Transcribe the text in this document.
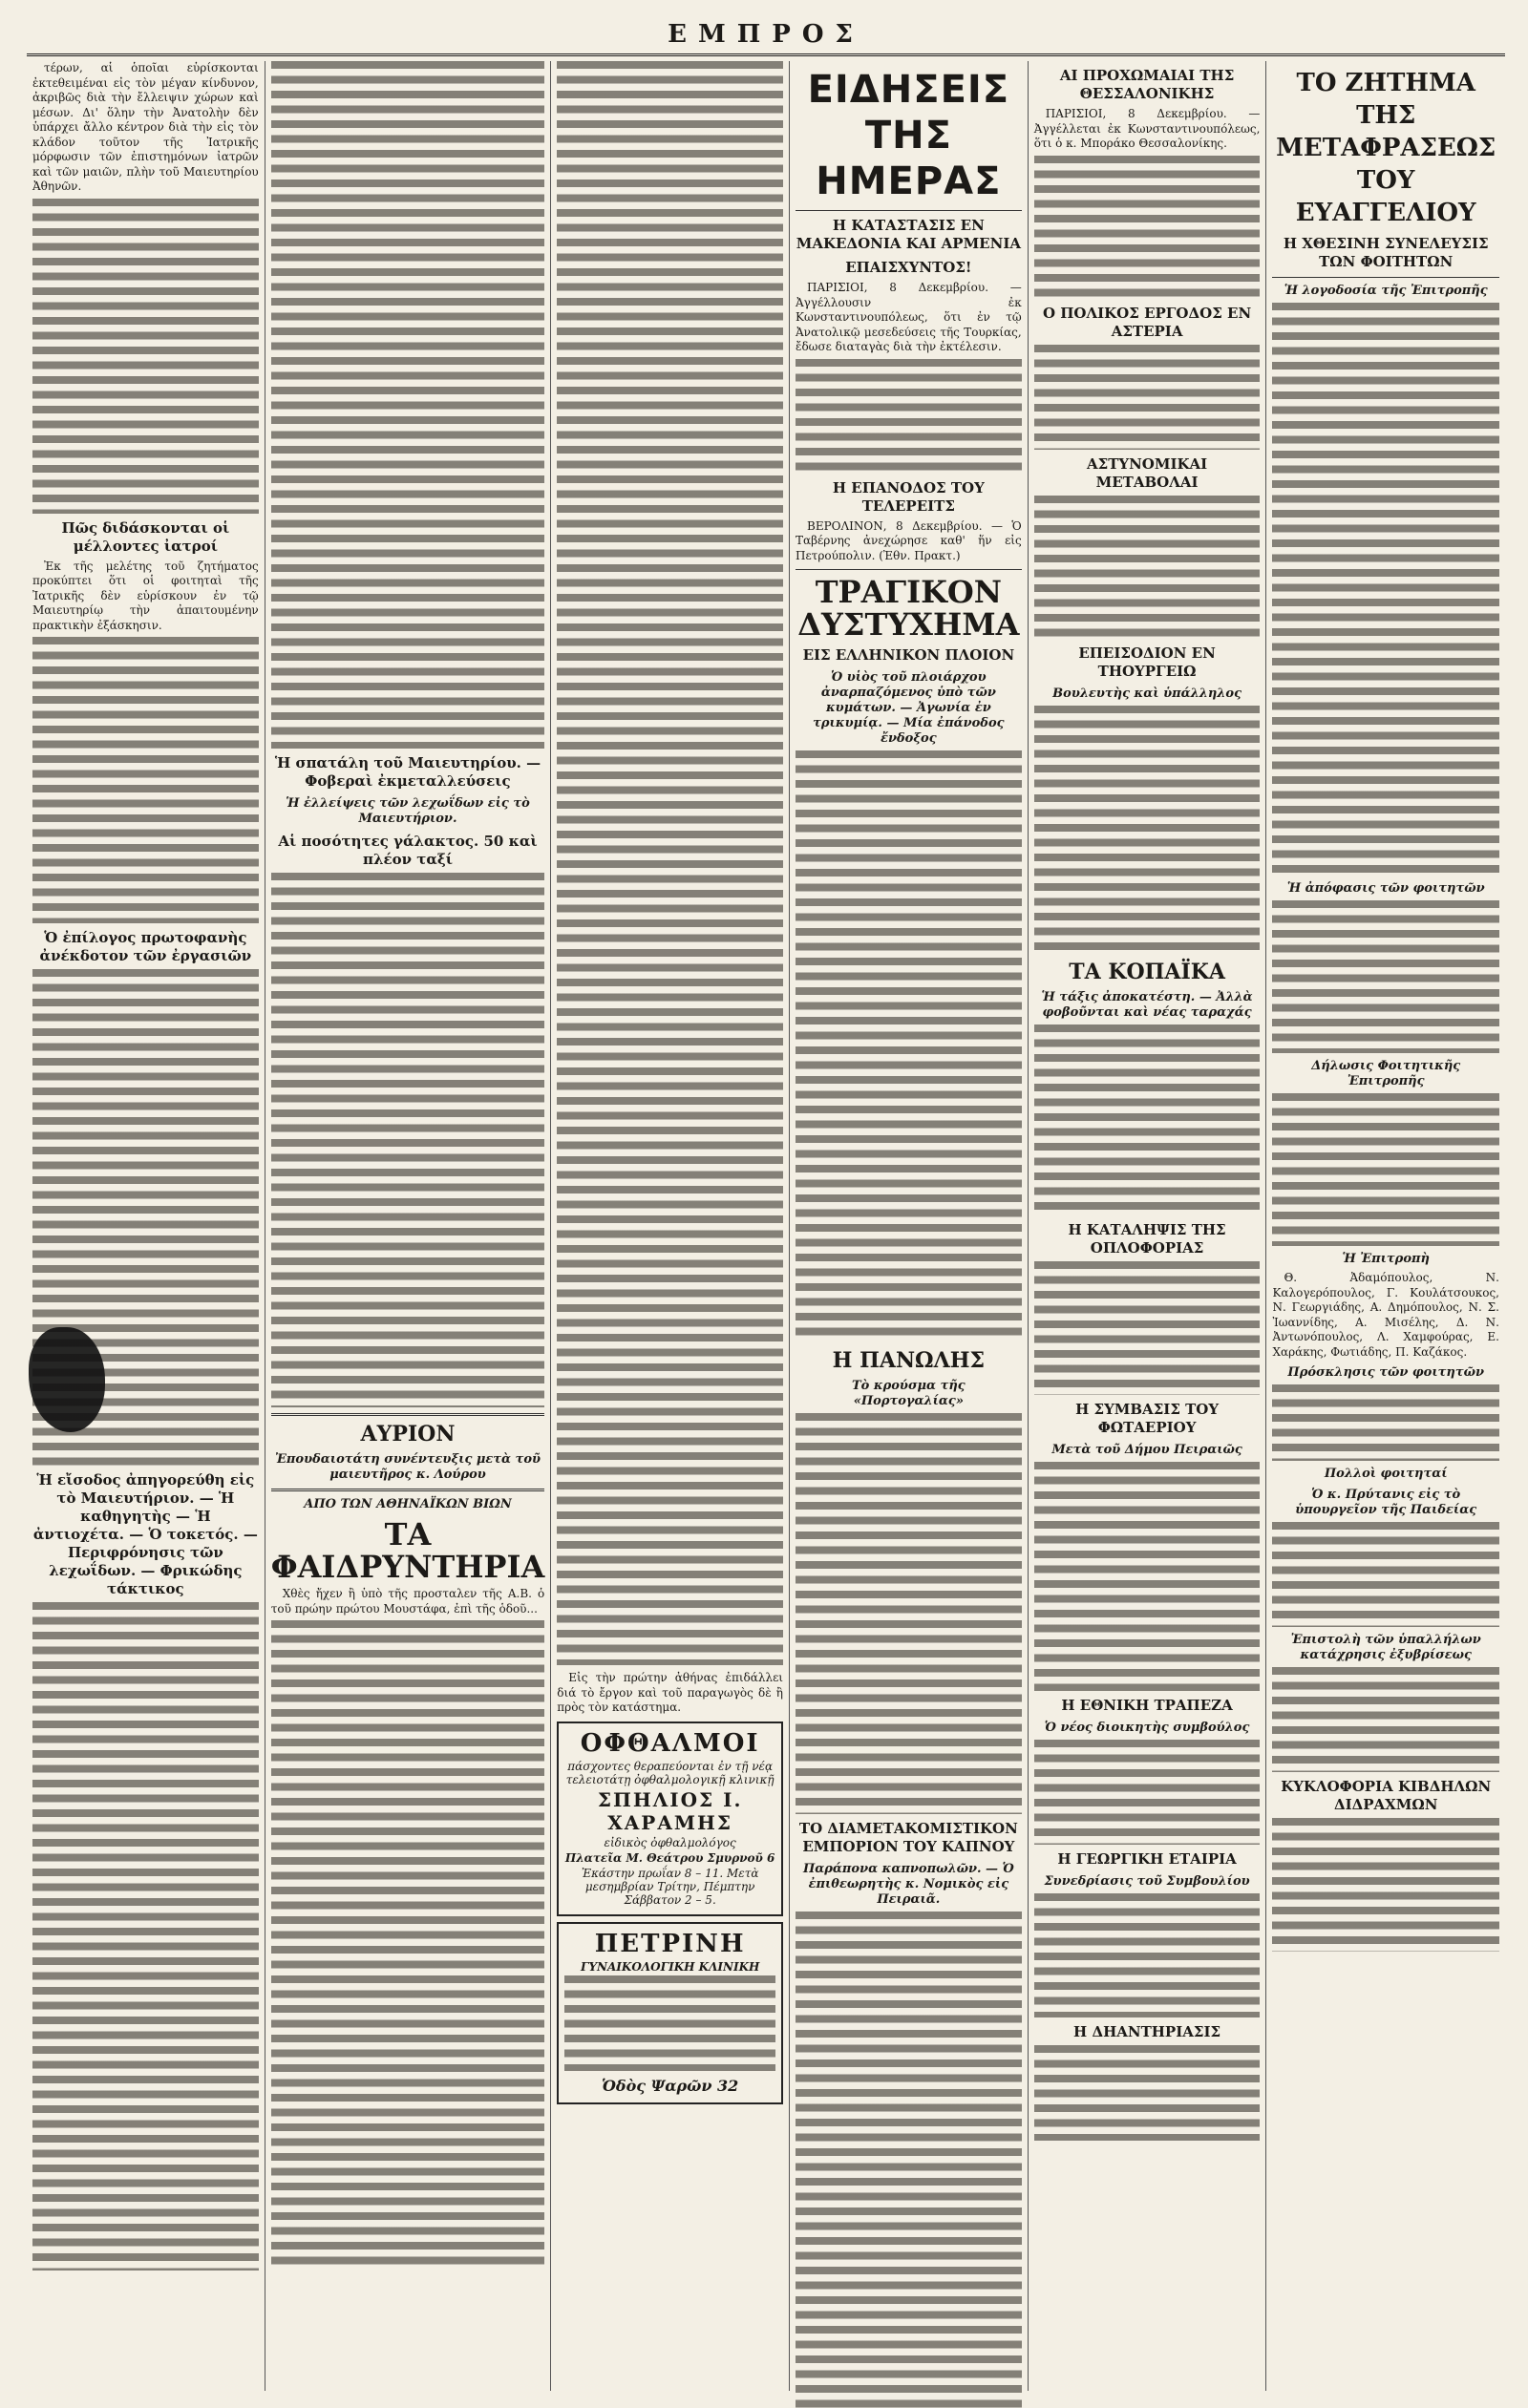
ΕΜΠΡΟΣ

τέρων, αἱ ὁποῖαι εὑρίσκονται ἐκτεθειμέναι εἰς τὸν μέγαν κίνδυνον, ἀκριβῶς διὰ τὴν ἔλλειψιν χώρων καὶ μέσων. Δι' ὅλην τὴν Ἀνατολὴν δὲν ὑπάρχει ἄλλο κέντρον διὰ τὴν εἰς τὸν κλάδον τοῦτον τῆς Ἰατρικῆς μόρφωσιν τῶν ἐπιστημόνων ἰατρῶν καὶ τῶν μαιῶν, πλὴν τοῦ Μαιευτηρίου Ἀθηνῶν.

Πῶς διδάσκονται οἱ μέλλοντες ἰατροί

Ἐκ τῆς μελέτης τοῦ ζητήματος προκύπτει ὅτι οἱ φοιτηταὶ τῆς Ἰατρικῆς δὲν εὑρίσκουν ἐν τῷ Μαιευτηρίῳ τὴν ἀπαιτουμένην πρακτικὴν ἐξάσκησιν.

Ὁ ἐπίλογος πρωτοφανὴς ἀνέκδοτον τῶν ἐργασιῶν
Ἡ εἴσοδος ἀπηγορεύθη εἰς τὸ Μαιευτήριον. — Ἡ καθηγητὴς — Ἡ ἀντιοχέτα. — Ὁ τοκετός. — Περιφρόνησις τῶν λεχωΐδων. — Φρικώδης τάκτικος
Ἡ σπατάλη τοῦ Μαιευτηρίου. — Φοβεραὶ ἐκμεταλλεύσεις
Ἡ ἐλλείψεις τῶν λεχωΐδων εἰς τὸ Μαιευτήριον.
Αἱ ποσότητες γάλακτος. 50 καὶ πλέον ταξί
ΑΥΡΙΟΝ
Ἐπουδαιοτάτη συνέντευξις μετὰ τοῦ μαιευτῆρος κ. Λούρου
ΑΠΟ ΤΩΝ ΑΘΗΝΑΪΚΩΝ ΒΙΩΝ
ΤΑ ΦΑΙΔΡΥΝΤΗΡΙΑ

Χθὲς ἤχεν ἢ ὑπὸ τῆς προσταλεν τῆς Α.Β. ὁ τοῦ πρώην πρώτου Μουστάφα, ἐπὶ τῆς ὁδοῦ...

Εἰς τὴν πρώτην ἀθήνας ἐπιδάλλει διά τὸ ἔργον καὶ τοῦ παραγωγὸς δὲ ἢ πρὸς τὸν κατάστημα.

ΟΦΘΑΛΜΟΙ
πάσχοντες θεραπεύονται ἐν τῇ νέᾳ τελειοτάτῃ ὀφθαλμολογικῇ κλινικῇ
ΣΠΗΛΙΟΣ Ι. ΧΑΡΑΜΗΣ
εἰδικὸς ὀφθαλμολόγος
Πλατεῖα Μ. Θεάτρου Σμυρνοῦ 6
Ἐκάστην πρωΐαν 8 – 11. Μετὰ μεσημβρίαν Τρίτην, Πέμπτην Σάββατον 2 – 5.
ΠΕΤΡΙΝΗ
ΓΥΝΑΙΚΟΛΟΓΙΚΗ ΚΛΙΝΙΚΗ
Ὁδὸς Ψαρῶν 32
ΕΙΔΗΣΕΙΣ ΤΗΣ ΗΜΕΡΑΣ
Η ΚΑΤΑΣΤΑΣΙΣ ΕΝ ΜΑΚΕΔΟΝΙΑ ΚΑΙ ΑΡΜΕΝΙΑ
ΕΠΑΙΣΧΥΝΤΟΣ!

ΠΑΡΙΣΙΟΙ, 8 Δεκεμβρίου. — Ἀγγέλλουσιν ἐκ Κωνσταντινουπόλεως, ὅτι ἐν τῷ Ἀνατολικῷ μεσεδεύσεις τῆς Τουρκίας, ἔδωσε διαταγὰς διὰ τὴν ἐκτέλεσιν.

Η ΕΠΑΝΟΔΟΣ ΤΟΥ ΤΕΛΕΡΕΙΤΣ

ΒΕΡΟΛΙΝΟΝ, 8 Δεκεμβρίου. — Ὁ Ταβέρνης ἀνεχώρησε καθ' ἥν εἰς Πετρούπολιν. (Ἐθν. Πρακτ.)

ΤΡΑΓΙΚΟΝ ΔΥΣΤΥΧΗΜΑ
ΕΙΣ ΕΛΛΗΝΙΚΟΝ ΠΛΟΙΟΝ
Ὁ υἱὸς τοῦ πλοιάρχου ἀναρπαζόμενος ὑπὸ τῶν κυμάτων. — Ἀγωνία ἐν τρικυμίᾳ. — Μία ἐπάνοδος ἔνδοξος
Η ΠΑΝΩΛΗΣ
Τὸ κρούσμα τῆς «Πορτογαλίας»
ΤΟ ΔΙΑΜΕΤΑΚΟΜΙΣΤΙΚΟΝ ΕΜΠΟΡΙΟΝ ΤΟΥ ΚΑΠΝΟΥ
Παράπονα καπνοπωλῶν. — Ὁ ἐπιθεωρητὴς κ. Νομικὸς εἰς Πειραιᾶ.
ΑΙ ΠΡΟΧΩΜΑΙΑΙ ΤΗΣ ΘΕΣΣΑΛΟΝΙΚΗΣ

ΠΑΡΙΣΙΟΙ, 8 Δεκεμβρίου. — Ἀγγέλλεται ἐκ Κωνσταντινουπόλεως, ὅτι ὁ κ. Μποράκο Θεσσαλονίκης.

Ο ΠΟΛΙΚΟΣ ΕΡΓΟΔΟΣ ΕΝ ΑΣΤΕΡΙΑ
ΑΣΤΥΝΟΜΙΚΑΙ ΜΕΤΑΒΟΛΑΙ
ΕΠΕΙΣΟΔΙΟΝ ΕΝ ΤΗΟΥΡΓΕΙΩ
Βουλευτὴς καὶ ὑπάλληλος
ΤΑ ΚΟΠΑΪΚΑ
Ἡ τάξις ἀποκατέστη. — Ἀλλὰ φοβοῦνται καὶ νέας ταραχάς
Η ΚΑΤΑΛΗΨΙΣ ΤΗΣ ΟΠΛΟΦΟΡΙΑΣ
Η ΣΥΜΒΑΣΙΣ ΤΟΥ ΦΩΤΑΕΡΙΟΥ
Μετὰ τοῦ Δήμου Πειραιῶς
Η ΕΘΝΙΚΗ ΤΡΑΠΕΖΑ
Ὁ νέος διοικητὴς συμβούλος
Η ΓΕΩΡΓΙΚΗ ΕΤΑΙΡΙΑ
Συνεδρίασις τοῦ Συμβουλίου
Η ΔΗΑΝΤΗΡΙΑΣΙΣ
ΤΟ ΖΗΤΗΜΑ ΤΗΣ ΜΕΤΑΦΡΑΣΕΩΣ ΤΟΥ ΕΥΑΓΓΕΛΙΟΥ
Η ΧΘΕΣΙΝΗ ΣΥΝΕΛΕΥΣΙΣ ΤΩΝ ΦΟΙΤΗΤΩΝ
Ἡ λογοδοσία τῆς Ἐπιτροπῆς
Ἡ ἀπόφασις τῶν φοιτητῶν
Δήλωσις Φοιτητικῆς Ἐπιτροπῆς
Ἡ Ἐπιτροπὴ

Θ. Ἀδαμόπουλος, Ν. Καλογερόπουλος, Γ. Κουλάτσουκος, Ν. Γεωργιάδης, Α. Δημόπουλος, Ν. Σ. Ἰωαννίδης, Α. Μισέλης, Δ. Ν. Ἀντωνόπουλος, Λ. Χαμφούρας, Ε. Χαράκης, Φωτιάδης, Π. Καζάκος.

Πρόσκλησις τῶν φοιτητῶν
Πολλοὶ φοιτηταί
Ὁ κ. Πρύτανις εἰς τὸ ὑπουργεῖον τῆς Παιδείας
Ἐπιστολὴ τῶν ὑπαλλήλων κατάχρησις ἐξυβρίσεως
ΚΥΚΛΟΦΟΡΙΑ ΚΙΒΔΗΛΩΝ ΔΙΔΡΑΧΜΩΝ
